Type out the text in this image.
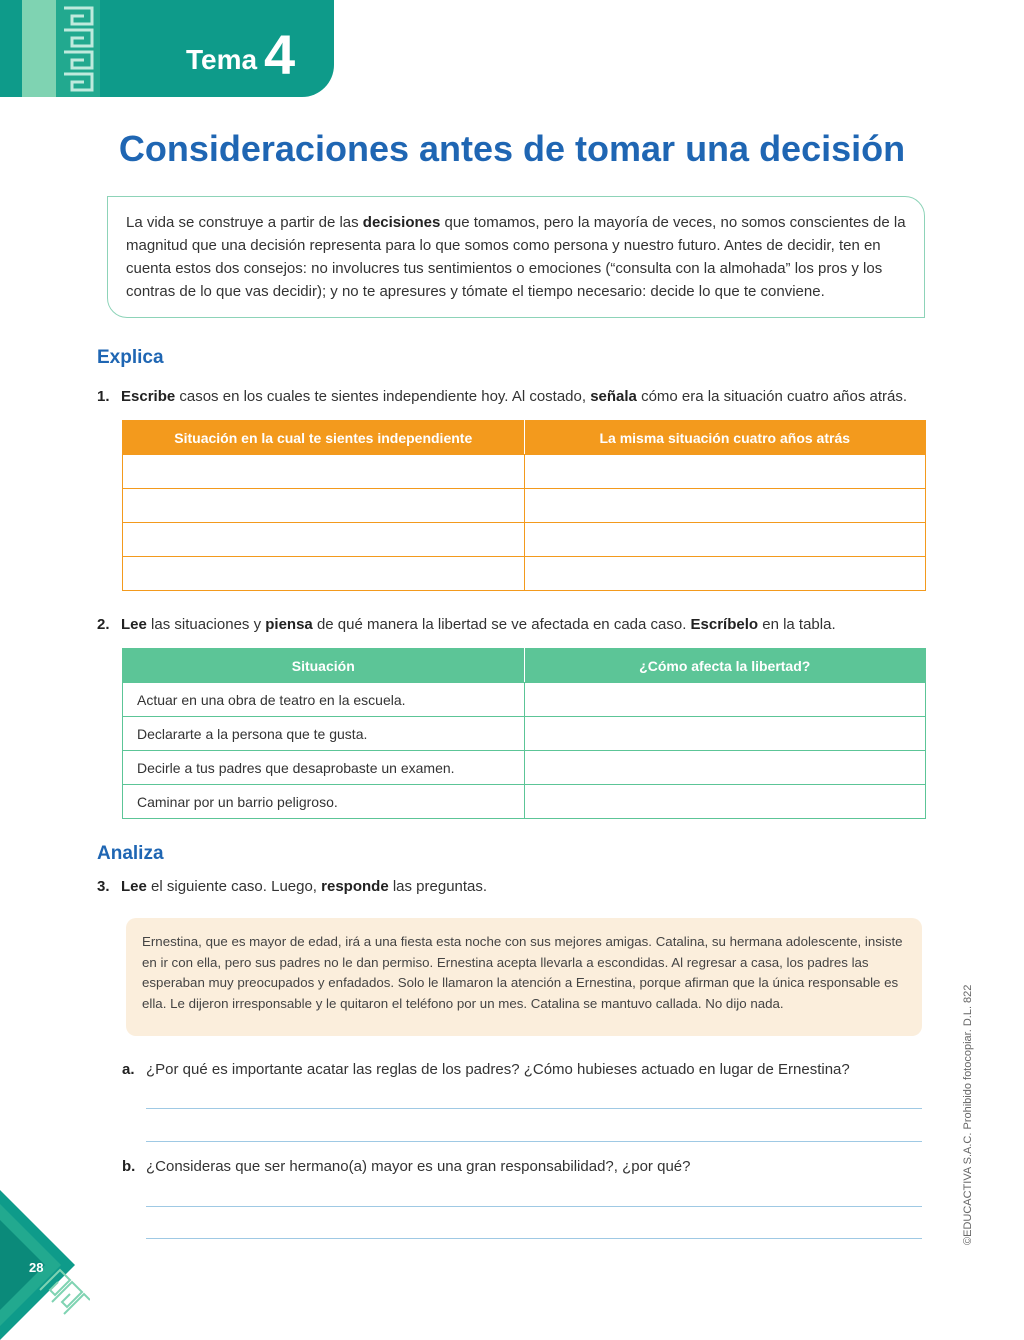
Tema 4
Consideraciones antes de tomar una decisión
La vida se construye a partir de las decisiones que tomamos, pero la mayoría de veces, no somos conscientes de la magnitud que una decisión representa para lo que somos como persona y nuestro futuro. Antes de decidir, ten en cuenta estos dos consejos: no involucres tus sentimientos o emociones (“consulta con la almohada” los pros y los contras de lo que vas decidir); y no te apresures y tómate el tiempo necesario: decide lo que te conviene.
Explica
1. Escribe casos en los cuales te sientes independiente hoy. Al costado, señala cómo era la situación cuatro años atrás.
Situación en la cual te sientes independiente	La misma situación cuatro años atrás

2. Lee las situaciones y piensa de qué manera la libertad se ve afectada en cada caso. Escríbelo en la tabla.
Situación	¿Cómo afecta la libertad?
Actuar en una obra de teatro en la escuela.	
Declararte a la persona que te gusta.	
Decirle a tus padres que desaprobaste un examen.	
Caminar por un barrio peligroso.	
Analiza
3. Lee el siguiente caso. Luego, responde las preguntas.
Ernestina, que es mayor de edad, irá a una fiesta esta noche con sus mejores amigas. Catalina, su hermana adolescente, insiste en ir con ella, pero sus padres no le dan permiso. Ernestina acepta llevarla a escondidas. Al regresar a casa, los padres las esperaban muy preocupados y enfadados. Solo le llamaron la atención a Ernestina, porque afirman que la única responsable es ella. Le dijeron irresponsable y le quitaron el teléfono por un mes. Catalina se mantuvo callada. No dijo nada.
a. ¿Por qué es importante acatar las reglas de los padres? ¿Cómo hubieses actuado en lugar de Ernestina?
b. ¿Consideras que ser hermano(a) mayor es una gran responsabilidad?, ¿por qué?	©EDUCACTIVA S.A.C. Prohibido fotocopiar. D.L. 822
28
